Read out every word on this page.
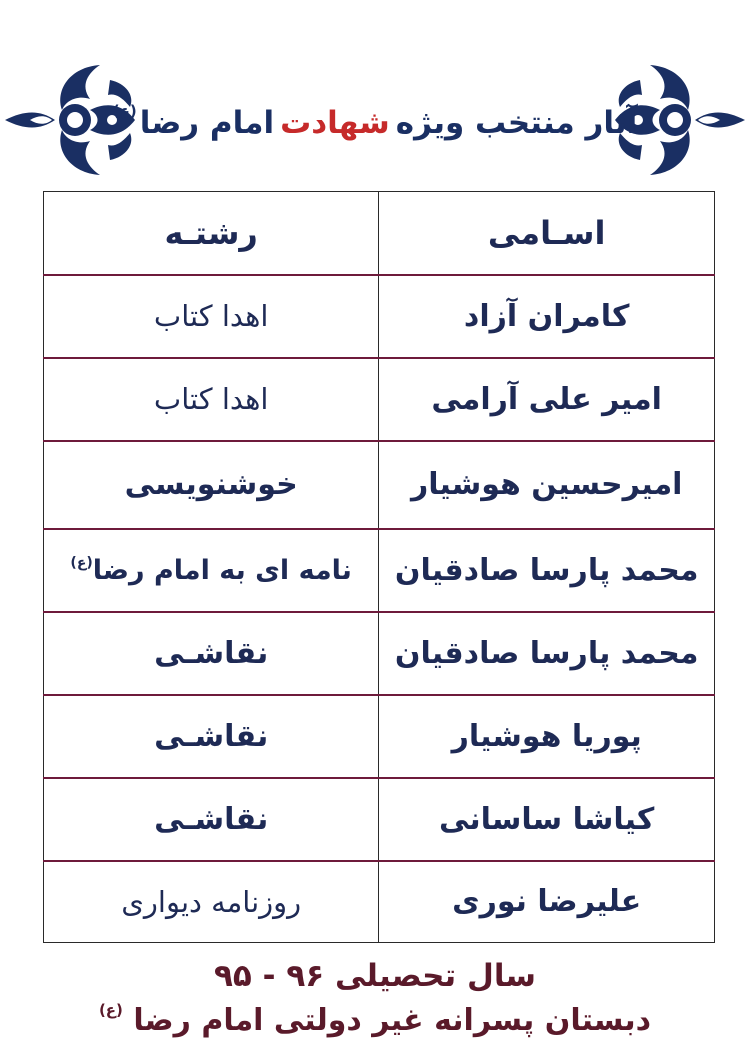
آثار منتخب ویژه
شهادت
امام رضا
$^{(ع)}$
اسـامی	رشتـه
کامران آزاد	اهدا کتاب
امیر علی آرامی	اهدا کتاب
امیرحسین هوشیار	خوشنویسی
محمد پارسا صادقیان	نامه ای به امام رضا$^{(ع)}$
محمد پارسا صادقیان	نقاشـی
پوریا هوشیار	نقاشـی
کیاشا ساسانی	نقاشـی
علیرضا نوری	روزنامه دیواری
سال تحصیلی ۹۶ - ۹۵
دبستان پسرانه غیر دولتی امام رضا $^{(ع)}$
